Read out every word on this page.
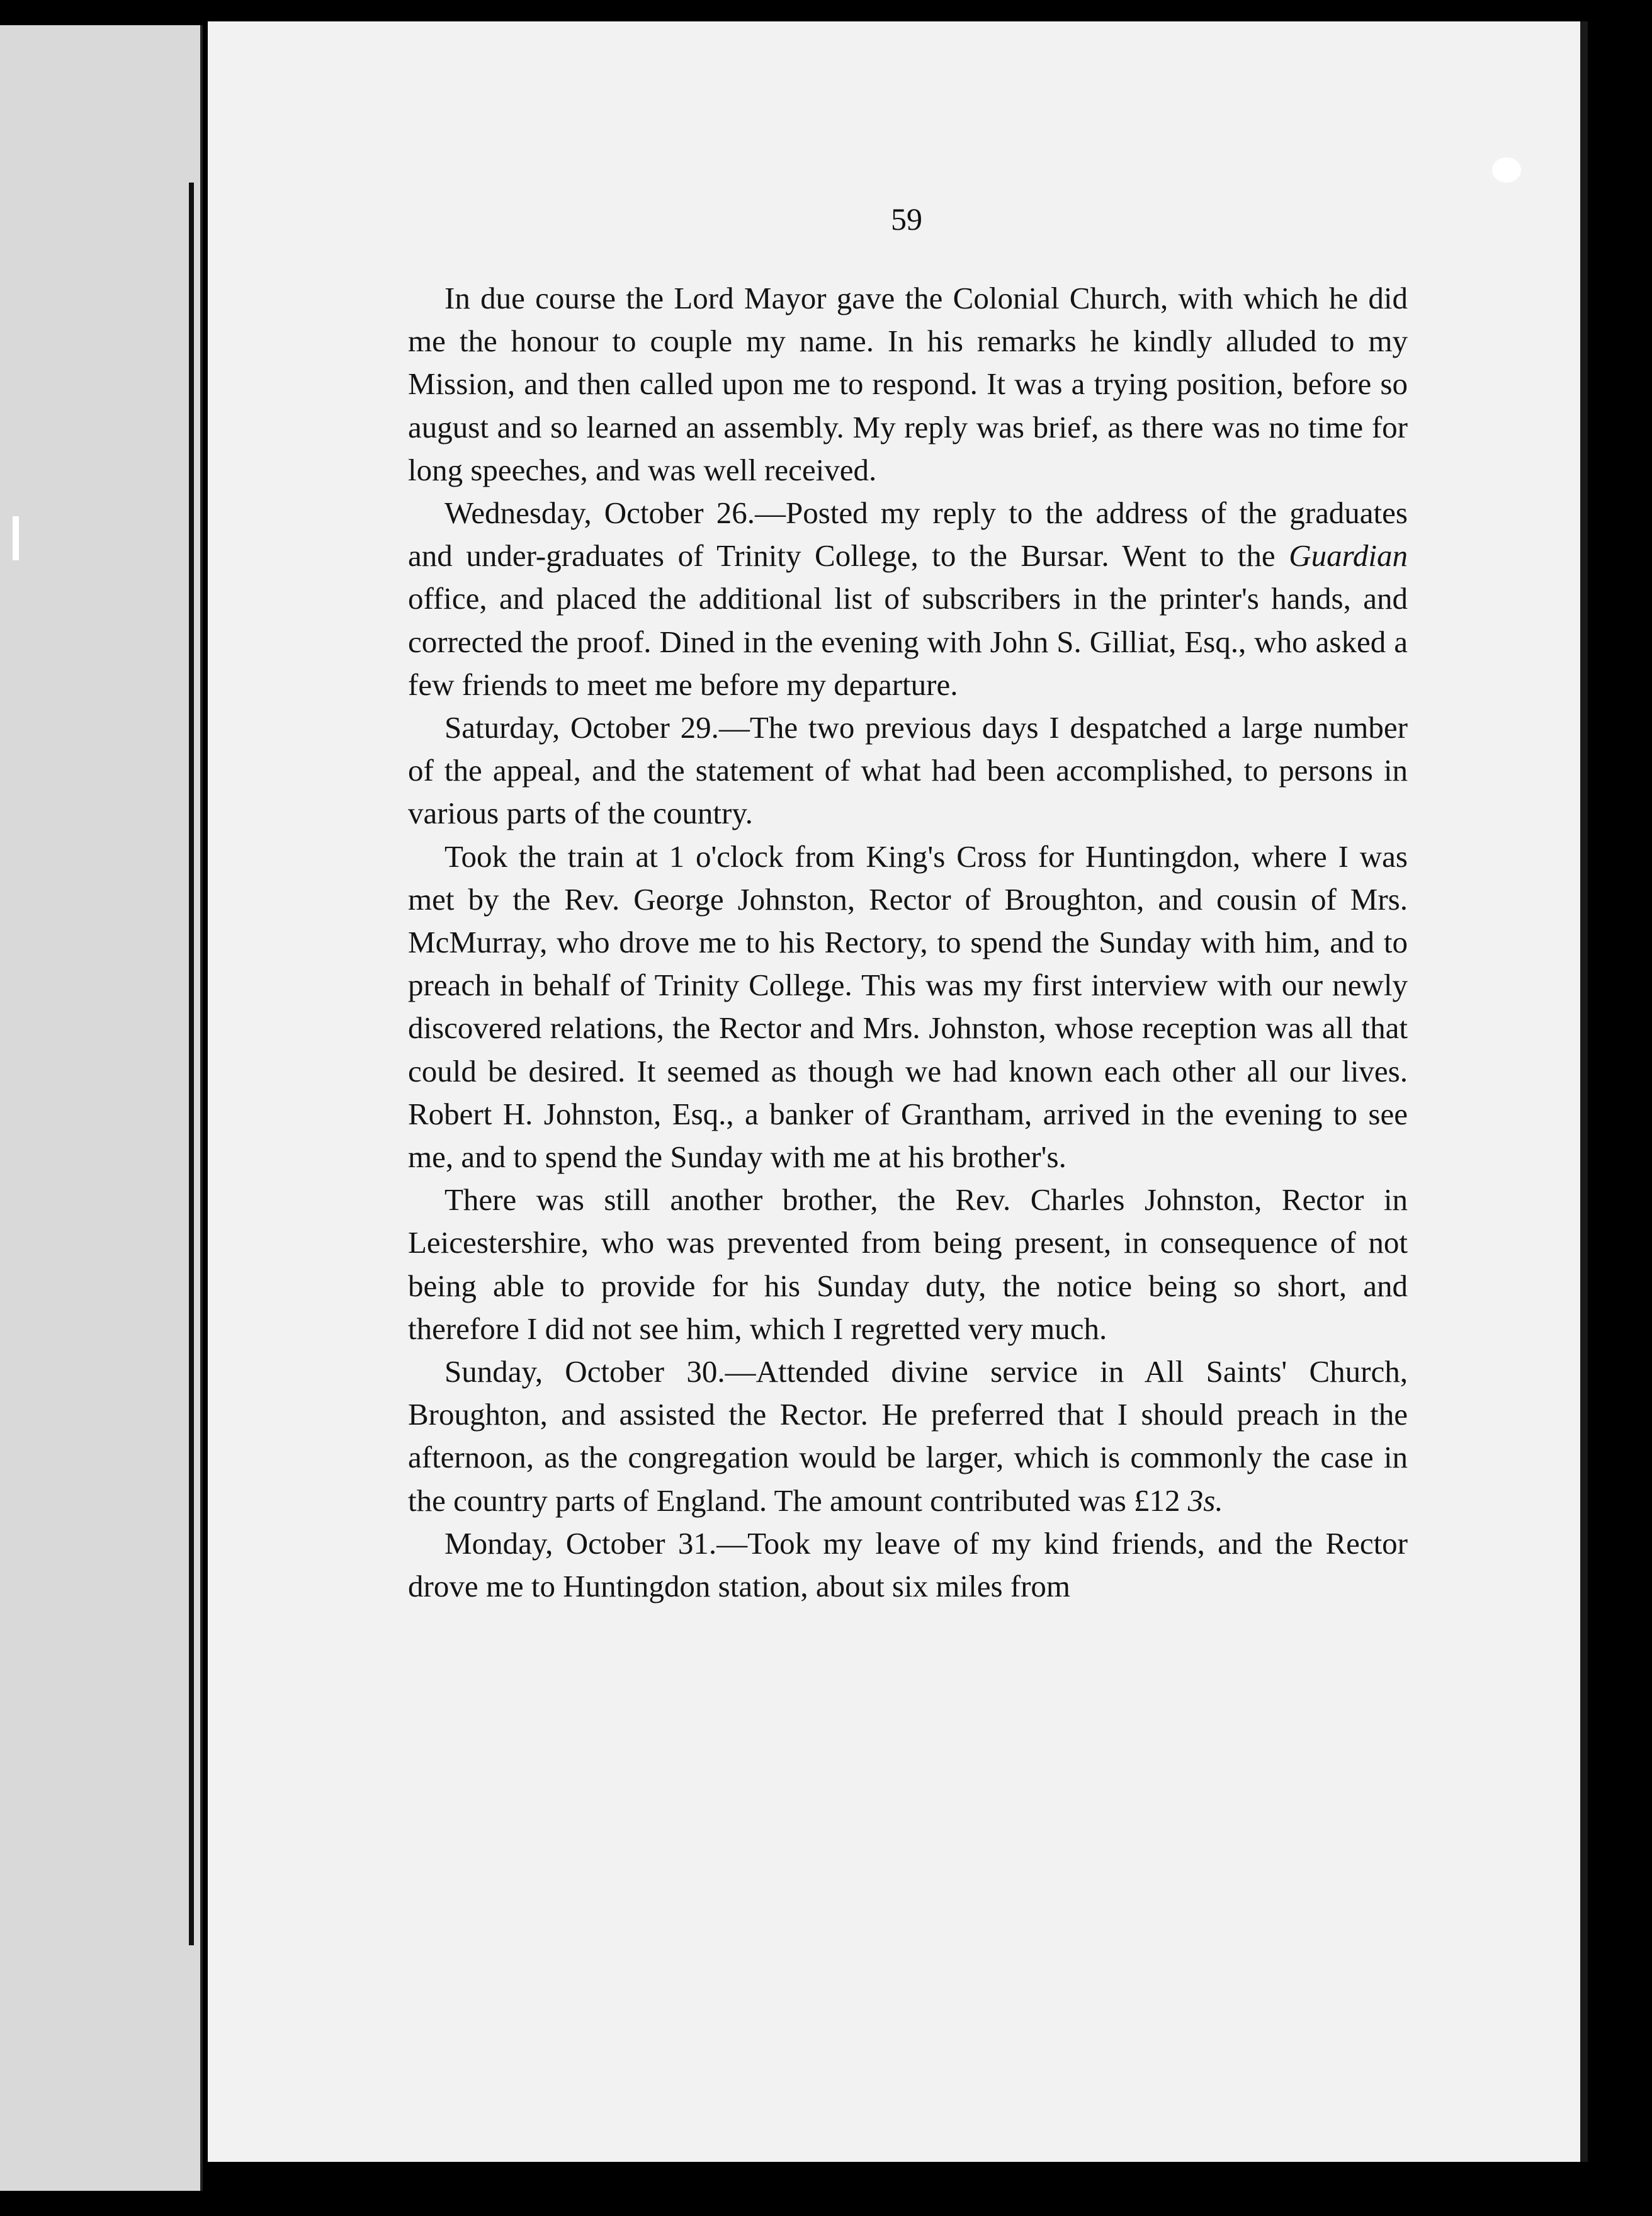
59

In due course the Lord Mayor gave the Colonial Church, with which he did me the honour to couple my name. In his remarks he kindly alluded to my Mission, and then called upon me to respond. It was a trying position, before so august and so learned an assembly. My reply was brief, as there was no time for long speeches, and was well received.

Wednesday, October 26.—Posted my reply to the address of the graduates and under-graduates of Trinity College, to the Bursar. Went to the Guardian office, and placed the additional list of subscribers in the printer's hands, and corrected the proof. Dined in the evening with John S. Gilliat, Esq., who asked a few friends to meet me before my departure.

Saturday, October 29.—The two previous days I despatched a large number of the appeal, and the statement of what had been accomplished, to persons in various parts of the country.

Took the train at 1 o'clock from King's Cross for Huntingdon, where I was met by the Rev. George Johnston, Rector of Broughton, and cousin of Mrs. McMurray, who drove me to his Rectory, to spend the Sunday with him, and to preach in behalf of Trinity College. This was my first interview with our newly discovered relations, the Rector and Mrs. Johnston, whose reception was all that could be desired. It seemed as though we had known each other all our lives. Robert H. Johnston, Esq., a banker of Grantham, arrived in the evening to see me, and to spend the Sunday with me at his brother's.

There was still another brother, the Rev. Charles Johnston, Rector in Leicestershire, who was prevented from being present, in consequence of not being able to provide for his Sunday duty, the notice being so short, and therefore I did not see him, which I regretted very much.

Sunday, October 30.—Attended divine service in All Saints' Church, Broughton, and assisted the Rector. He preferred that I should preach in the afternoon, as the congregation would be larger, which is commonly the case in the country parts of England. The amount contributed was £12 3s.

Monday, October 31.—Took my leave of my kind friends, and the Rector drove me to Huntingdon station, about six miles from
